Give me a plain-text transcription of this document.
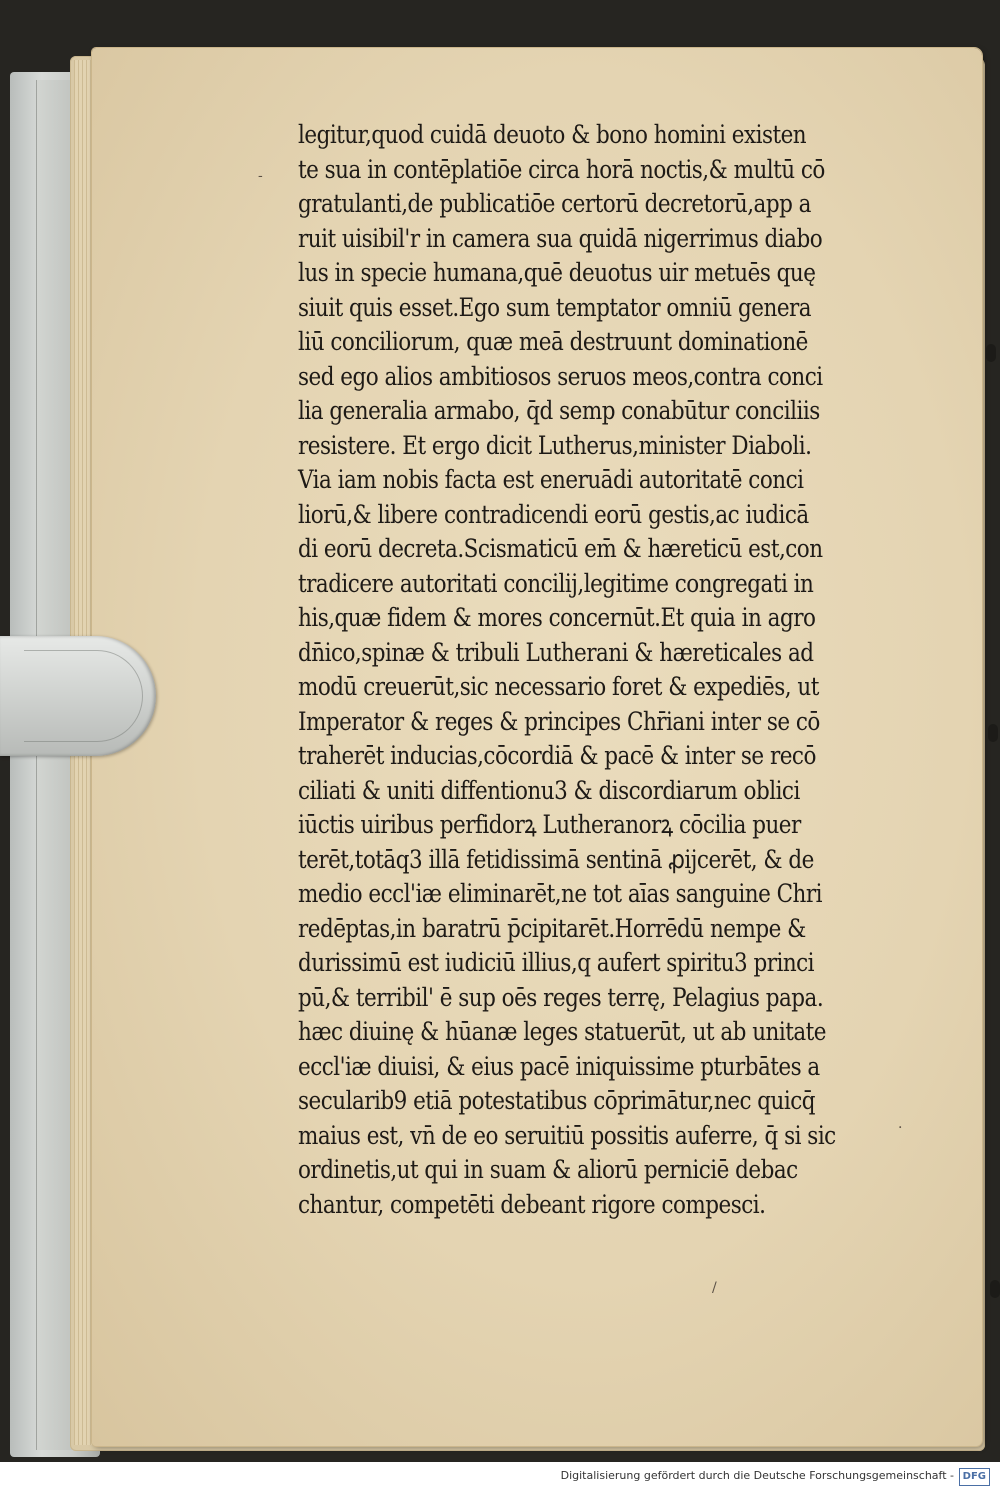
-
·
/
legitur,quod cuidā deuoto & bono homini existen
te sua in contēplatiōe circa horā noctis,& multū cō
gratulanti,de publicatiōe certorū decretorū,app a
ruit uisibil'r in camera sua quidā nigerrimus diabo
lus in specie humana,quē deuotus uir metuēs quę
siuit quis esset.Ego sum temptator omniū genera
liū conciliorum, quæ meā destruunt dominationē
sed ego alios ambitiosos seruos meos,contra conci
lia generalia armabo, q̄d semp conabūtur conciliis
resistere. Et ergo dicit Lutherus,minister Diaboli.
Via iam nobis facta est eneruādi autoritatē conci
liorū,& libere contradicendi eorū gestis,ac iudicā
di eorū decreta.Scismaticū em̄ & hæreticū est,con
tradicere autoritati concilij,legitime congregati in
his,quæ fidem & mores concernūt.Et quia in agro
dn̄ico,spinæ & tribuli Lutherani & hæreticales ad
modū creuerūt,sic necessario foret & expediēs, ut
Imperator & reges & principes Chr̄iani inter se cō
traherēt inducias,cōcordiā & pacē & inter se recō
ciliati & uniti diffentionu3 & discordiarum oblici
iūctis uiribus perfidorꝝ Lutheranorꝝ cōcilia puer
terēt,totāq3 illā fetidissimā sentinā ꝓijcerēt, & de
medio eccl'iæ eliminarēt,ne tot aīas sanguine Chri
redēptas,in baratrū p̄cipitarēt.Horrēdū nempe &
durissimū est iudiciū illius,q aufert spiritu3 princi
pū,& terribil' ē sup oēs reges terrę, Pelagius papa.
hæc diuinę & hūanæ leges statuerūt, ut ab unitate
eccl'iæ diuisi, & eius pacē iniquissime pturbātes a
secularib9 etiā potestatibus cōprimātur,nec quicq̄
maius est, vn̄ de eo seruitiū possitis auferre, q̄ si sic
ordinetis,ut qui in suam & aliorū perniciē debac
chantur, competēti debeant rigore compesci.
Digitalisierung gefördert durch die Deutsche Forschungsgemeinschaft - DFG
